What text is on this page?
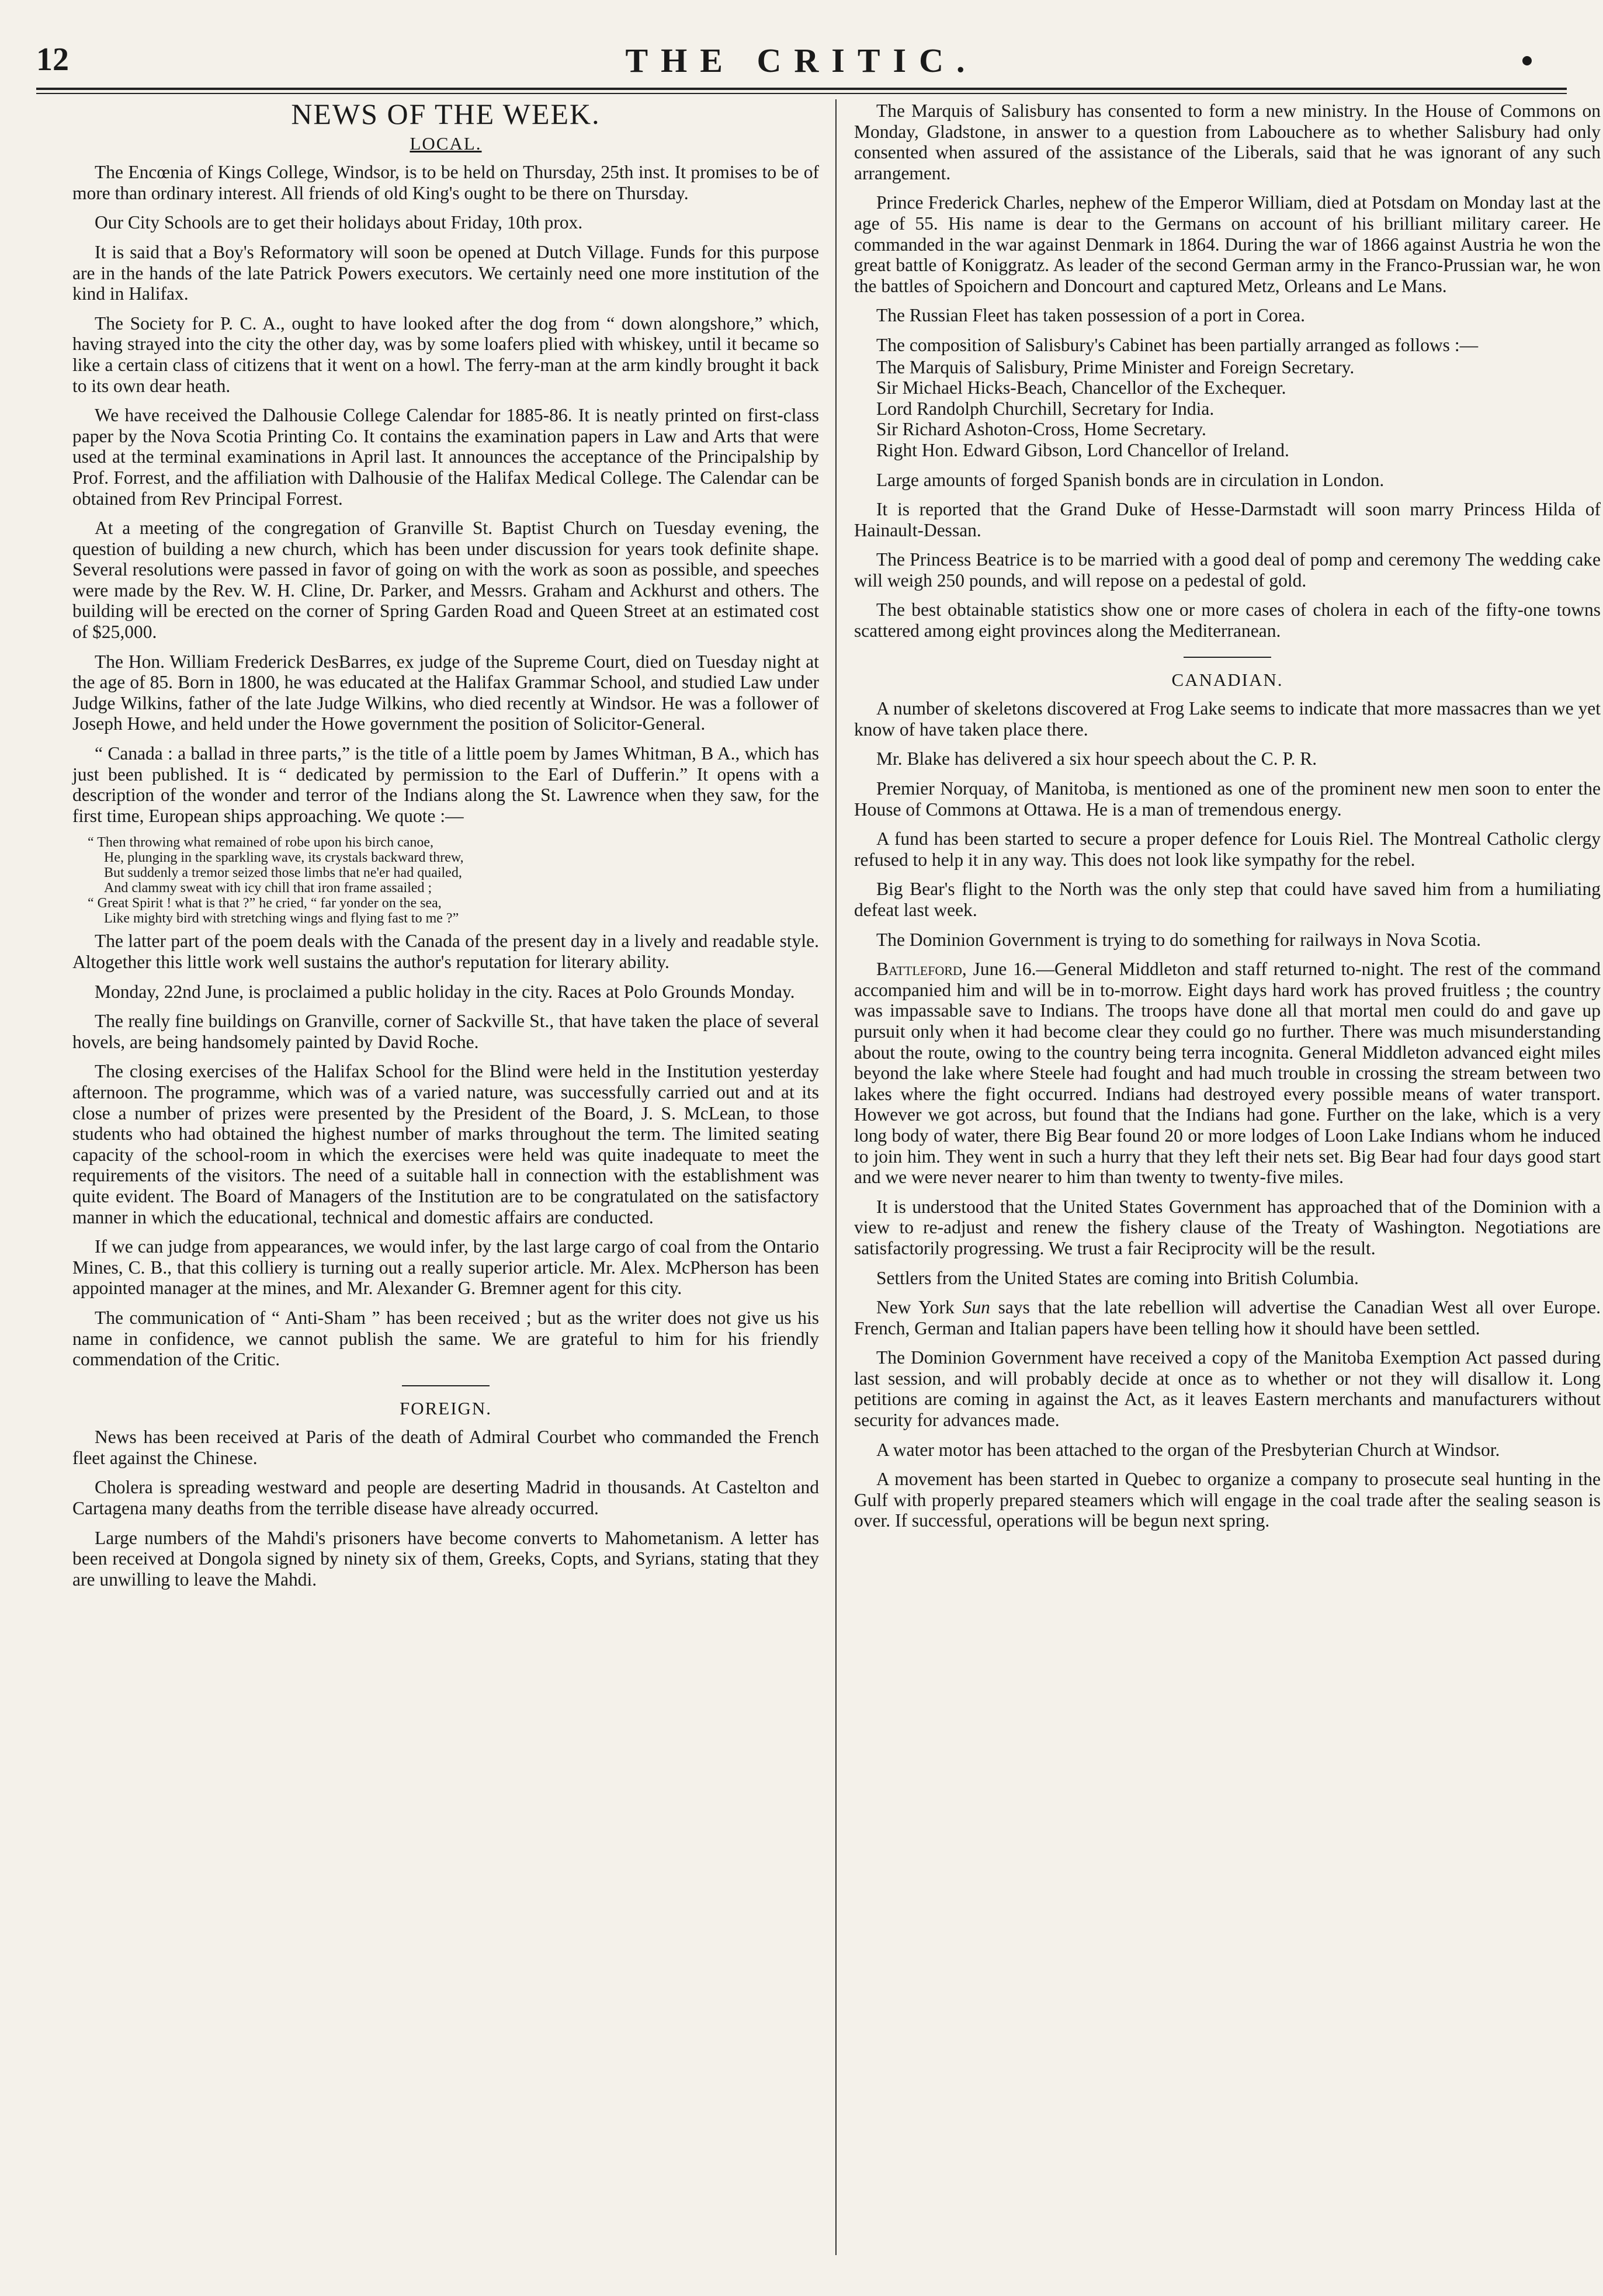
12	THE CRITIC.
NEWS OF THE WEEK.
LOCAL.

The Encœnia of Kings College, Windsor, is to be held on Thursday, 25th inst. It promises to be of more than ordinary interest. All friends of old King's ought to be there on Thursday.

Our City Schools are to get their holidays about Friday, 10th prox.

It is said that a Boy's Reformatory will soon be opened at Dutch Village. Funds for this purpose are in the hands of the late Patrick Powers executors. We certainly need one more institution of the kind in Halifax.

The Society for P. C. A., ought to have looked after the dog from “ down alongshore,” which, having strayed into the city the other day, was by some loafers plied with whiskey, until it became so like a certain class of citizens that it went on a howl. The ferry-man at the arm kindly brought it back to its own dear heath.

We have received the Dalhousie College Calendar for 1885-86. It is neatly printed on first-class paper by the Nova Scotia Printing Co. It contains the examination papers in Law and Arts that were used at the terminal examinations in April last. It announces the acceptance of the Principalship by Prof. Forrest, and the affiliation with Dalhousie of the Halifax Medical College. The Calendar can be obtained from Rev Principal Forrest.

At a meeting of the congregation of Granville St. Baptist Church on Tuesday evening, the question of building a new church, which has been under discussion for years took definite shape. Several resolutions were passed in favor of going on with the work as soon as possible, and speeches were made by the Rev. W. H. Cline, Dr. Parker, and Messrs. Graham and Ackhurst and others. The building will be erected on the corner of Spring Garden Road and Queen Street at an estimated cost of $25,000.

The Hon. William Frederick DesBarres, ex judge of the Supreme Court, died on Tuesday night at the age of 85. Born in 1800, he was educated at the Halifax Grammar School, and studied Law under Judge Wilkins, father of the late Judge Wilkins, who died recently at Windsor. He was a follower of Joseph Howe, and held under the Howe government the position of Solicitor-General.

“ Canada : a ballad in three parts,” is the title of a little poem by James Whitman, B A., which has just been published. It is “ dedicated by permission to the Earl of Dufferin.” It opens with a description of the wonder and terror of the Indians along the St. Lawrence when they saw, for the first time, European ships approaching. We quote :—

“ Then throwing what remained of robe upon his birch canoe,
He, plunging in the sparkling wave, its crystals backward threw,
But suddenly a tremor seized those limbs that ne'er had quailed,
And clammy sweat with icy chill that iron frame assailed ;
“ Great Spirit ! what is that ?” he cried, “ far yonder on the sea,
Like mighty bird with stretching wings and flying fast to me ?”

The latter part of the poem deals with the Canada of the present day in a lively and readable style. Altogether this little work well sustains the author's reputation for literary ability.

Monday, 22nd June, is proclaimed a public holiday in the city. Races at Polo Grounds Monday.

The really fine buildings on Granville, corner of Sackville St., that have taken the place of several hovels, are being handsomely painted by David Roche.

The closing exercises of the Halifax School for the Blind were held in the Institution yesterday afternoon. The programme, which was of a varied nature, was successfully carried out and at its close a number of prizes were presented by the President of the Board, J. S. McLean, to those students who had obtained the highest number of marks throughout the term. The limited seating capacity of the school-room in which the exercises were held was quite inadequate to meet the requirements of the visitors. The need of a suitable hall in connection with the establishment was quite evident. The Board of Managers of the Institution are to be congratulated on the satisfactory manner in which the educational, technical and domestic affairs are conducted.

If we can judge from appearances, we would infer, by the last large cargo of coal from the Ontario Mines, C. B., that this colliery is turning out a really superior article. Mr. Alex. McPherson has been appointed manager at the mines, and Mr. Alexander G. Bremner agent for this city.

The communication of “ Anti-Sham ” has been received ; but as the writer does not give us his name in confidence, we cannot publish the same. We are grateful to him for his friendly commendation of the Critic.

FOREIGN.

News has been received at Paris of the death of Admiral Courbet who commanded the French fleet against the Chinese.

Cholera is spreading westward and people are deserting Madrid in thousands. At Castelton and Cartagena many deaths from the terrible disease have already occurred.

Large numbers of the Mahdi's prisoners have become converts to Mahometanism. A letter has been received at Dongola signed by ninety six of them, Greeks, Copts, and Syrians, stating that they are unwilling to leave the Mahdi.

The Marquis of Salisbury has consented to form a new ministry. In the House of Commons on Monday, Gladstone, in answer to a question from Labouchere as to whether Salisbury had only consented when assured of the assistance of the Liberals, said that he was ignorant of any such arrangement.

Prince Frederick Charles, nephew of the Emperor William, died at Potsdam on Monday last at the age of 55. His name is dear to the Germans on account of his brilliant military career. He commanded in the war against Denmark in 1864. During the war of 1866 against Austria he won the great battle of Koniggratz. As leader of the second German army in the Franco-Prussian war, he won the battles of Spoichern and Doncourt and captured Metz, Orleans and Le Mans.

The Russian Fleet has taken possession of a port in Corea.

The composition of Salisbury's Cabinet has been partially arranged as follows :—

The Marquis of Salisbury, Prime Minister and Foreign Secretary.
Sir Michael Hicks-Beach, Chancellor of the Exchequer.
Lord Randolph Churchill, Secretary for India.
Sir Richard Ashoton-Cross, Home Secretary.
Right Hon. Edward Gibson, Lord Chancellor of Ireland.

Large amounts of forged Spanish bonds are in circulation in London.

It is reported that the Grand Duke of Hesse-Darmstadt will soon marry Princess Hilda of Hainault-Dessan.

The Princess Beatrice is to be married with a good deal of pomp and ceremony The wedding cake will weigh 250 pounds, and will repose on a pedestal of gold.

The best obtainable statistics show one or more cases of cholera in each of the fifty-one towns scattered among eight provinces along the Mediterranean.

CANADIAN.

A number of skeletons discovered at Frog Lake seems to indicate that more massacres than we yet know of have taken place there.

Mr. Blake has delivered a six hour speech about the C. P. R.

Premier Norquay, of Manitoba, is mentioned as one of the prominent new men soon to enter the House of Commons at Ottawa. He is a man of tremendous energy.

A fund has been started to secure a proper defence for Louis Riel. The Montreal Catholic clergy refused to help it in any way. This does not look like sympathy for the rebel.

Big Bear's flight to the North was the only step that could have saved him from a humiliating defeat last week.

The Dominion Government is trying to do something for railways in Nova Scotia.

Battleford, June 16.—General Middleton and staff returned to-night. The rest of the command accompanied him and will be in to-morrow. Eight days hard work has proved fruitless ; the country was impassable save to Indians. The troops have done all that mortal men could do and gave up pursuit only when it had become clear they could go no further. There was much misunderstanding about the route, owing to the country being terra incognita. General Middleton advanced eight miles beyond the lake where Steele had fought and had much trouble in crossing the stream between two lakes where the fight occurred. Indians had destroyed every possible means of water transport. However we got across, but found that the Indians had gone. Further on the lake, which is a very long body of water, there Big Bear found 20 or more lodges of Loon Lake Indians whom he induced to join him. They went in such a hurry that they left their nets set. Big Bear had four days good start and we were never nearer to him than twenty to twenty-five miles.

It is understood that the United States Government has approached that of the Dominion with a view to re-adjust and renew the fishery clause of the Treaty of Washington. Negotiations are satisfactorily progressing. We trust a fair Reciprocity will be the result.

Settlers from the United States are coming into British Columbia.

New York Sun says that the late rebellion will advertise the Canadian West all over Europe. French, German and Italian papers have been telling how it should have been settled.

The Dominion Government have received a copy of the Manitoba Exemption Act passed during last session, and will probably decide at once as to whether or not they will disallow it. Long petitions are coming in against the Act, as it leaves Eastern merchants and manufacturers without security for advances made.

A water motor has been attached to the organ of the Presbyterian Church at Windsor.

A movement has been started in Quebec to organize a company to prosecute seal hunting in the Gulf with properly prepared steamers which will engage in the coal trade after the sealing season is over. If successful, operations will be begun next spring.
